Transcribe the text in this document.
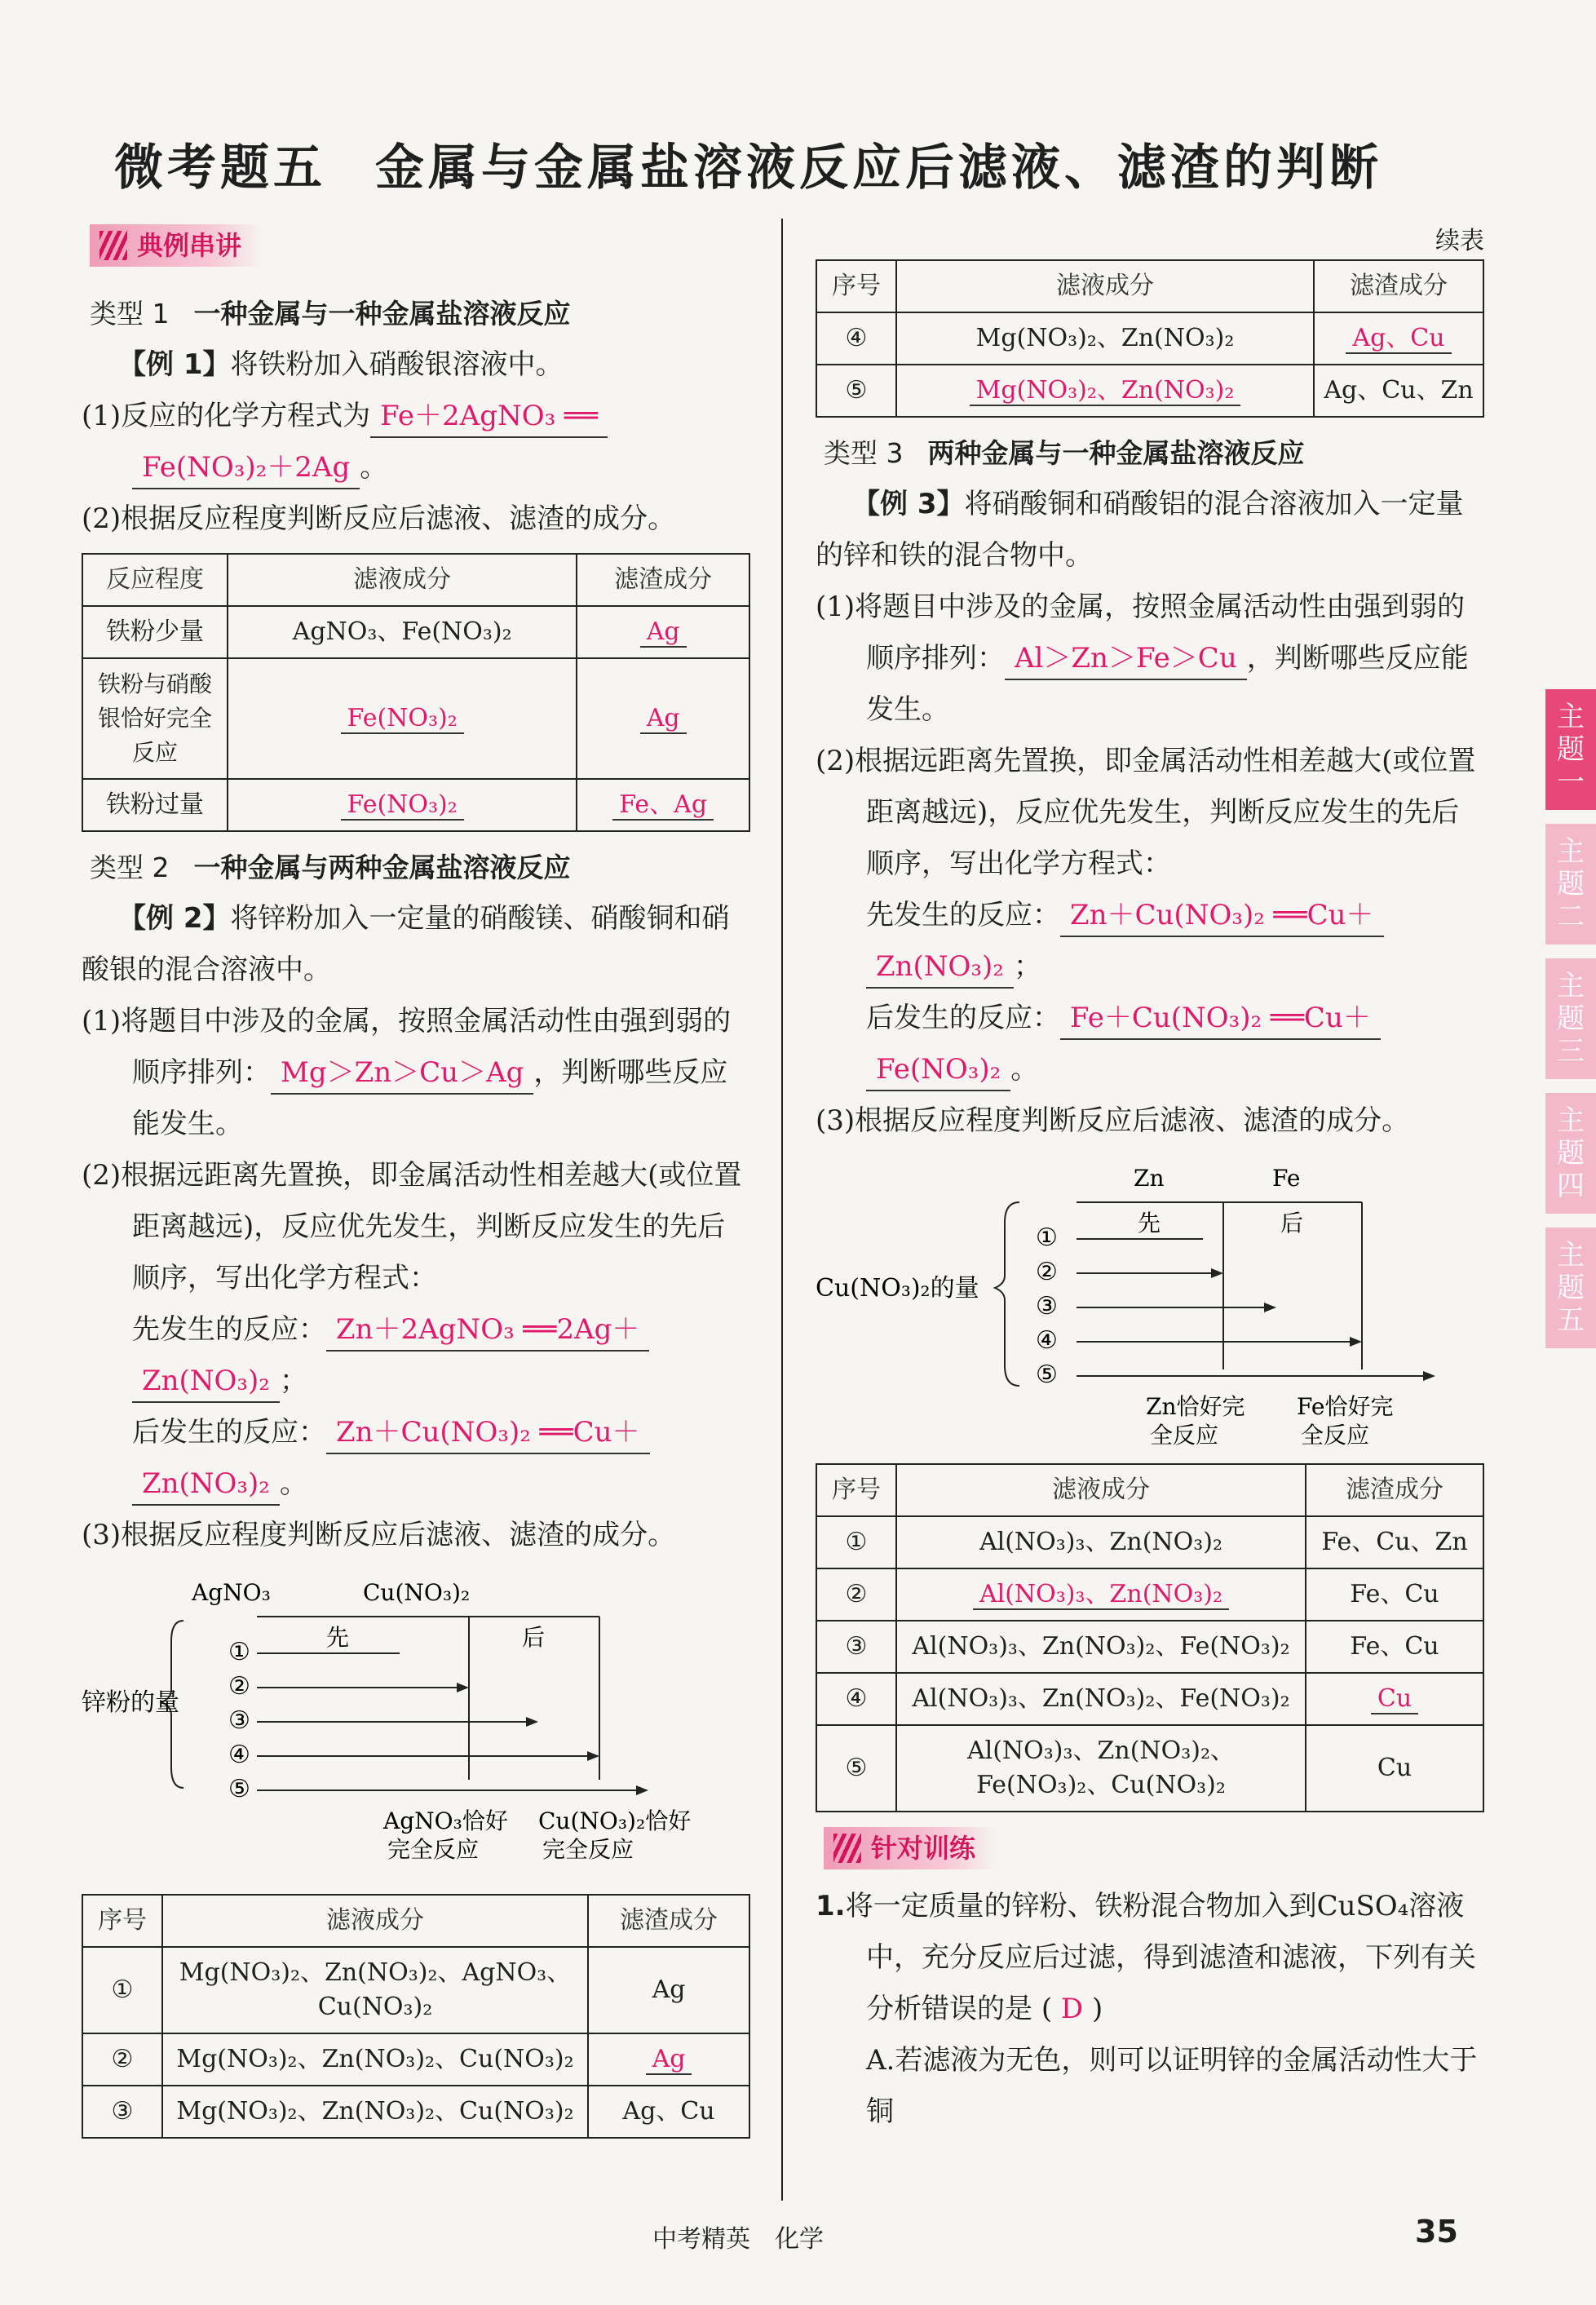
微考题五 金属与金属盐溶液反应后滤液、滤渣的判断
典例串讲
类型 1 一种金属与一种金属盐溶液反应

【例 1】将铁粉加入硝酸银溶液中。

(1)反应的化学方程式为 Fe＋2AgNO₃ ══

Fe(NO₃)₂＋2Ag 。

(2)根据反应程度判断反应后滤液、滤渣的成分。

反应程度	滤液成分	滤渣成分
铁粉少量	AgNO₃、Fe(NO₃)₂	Ag
铁粉与硝酸银恰好完全反应	Fe(NO₃)₂	Ag
铁粉过量	Fe(NO₃)₂	Fe、Ag
类型 2 一种金属与两种金属盐溶液反应

【例 2】将锌粉加入一定量的硝酸镁、硝酸铜和硝酸银的混合溶液中。

(1)将题目中涉及的金属，按照金属活动性由强到弱的顺序排列： Mg＞Zn＞Cu＞Ag ，判断哪些反应能发生。

(2)根据远距离先置换，即金属活动性相差越大(或位置距离越远)，反应优先发生，判断反应发生的先后顺序，写出化学方程式：

先发生的反应： Zn＋2AgNO₃ ══2Ag＋

Zn(NO₃)₂ ；

后发生的反应： Zn＋Cu(NO₃)₂ ══Cu＋

Zn(NO₃)₂ 。

(3)根据反应程度判断反应后滤液、滤渣的成分。

AgNO₃	Cu(NO₃)₂
先	后
锌粉的量
①
②
③
④
⑤
AgNO₃恰好
完全反应
Cu(NO₃)₂恰好
完全反应
序号	滤液成分	滤渣成分
①	Mg(NO₃)₂、Zn(NO₃)₂、AgNO₃、Cu(NO₃)₂	Ag
②	Mg(NO₃)₂、Zn(NO₃)₂、Cu(NO₃)₂	Ag
③	Mg(NO₃)₂、Zn(NO₃)₂、Cu(NO₃)₂	Ag、Cu
续表
序号	滤液成分	滤渣成分
④	Mg(NO₃)₂、Zn(NO₃)₂	Ag、Cu
⑤	Mg(NO₃)₂、Zn(NO₃)₂	Ag、Cu、Zn
类型 3 两种金属与一种金属盐溶液反应

【例 3】将硝酸铜和硝酸铝的混合溶液加入一定量的锌和铁的混合物中。

(1)将题目中涉及的金属，按照金属活动性由强到弱的顺序排列： Al＞Zn＞Fe＞Cu ，判断哪些反应能发生。

(2)根据远距离先置换，即金属活动性相差越大(或位置距离越远)，反应优先发生，判断反应发生的先后顺序，写出化学方程式：

先发生的反应： Zn＋Cu(NO₃)₂ ══Cu＋

Zn(NO₃)₂ ；

后发生的反应： Fe＋Cu(NO₃)₂ ══Cu＋

Fe(NO₃)₂ 。

(3)根据反应程度判断反应后滤液、滤渣的成分。

Zn	Fe
先	后
Cu(NO₃)₂的量
①
②
③
④
⑤
Zn恰好完
全反应
Fe恰好完
全反应
序号	滤液成分	滤渣成分
①	Al(NO₃)₃、Zn(NO₃)₂	Fe、Cu、Zn
②	Al(NO₃)₃、Zn(NO₃)₂	Fe、Cu
③	Al(NO₃)₃、Zn(NO₃)₂、Fe(NO₃)₂	Fe、Cu
④	Al(NO₃)₃、Zn(NO₃)₂、Fe(NO₃)₂	Cu
⑤	Al(NO₃)₃、Zn(NO₃)₂、Fe(NO₃)₂、Cu(NO₃)₂	Cu
针对训练

1.将一定质量的锌粉、铁粉混合物加入到CuSO₄溶液中，充分反应后过滤，得到滤渣和滤液，下列有关分析错误的是 ( D )

A.若滤液为无色，则可以证明锌的金属活动性大于铜

主题一
主题二
主题三
主题四
主题五
中考精英　 化学	35
